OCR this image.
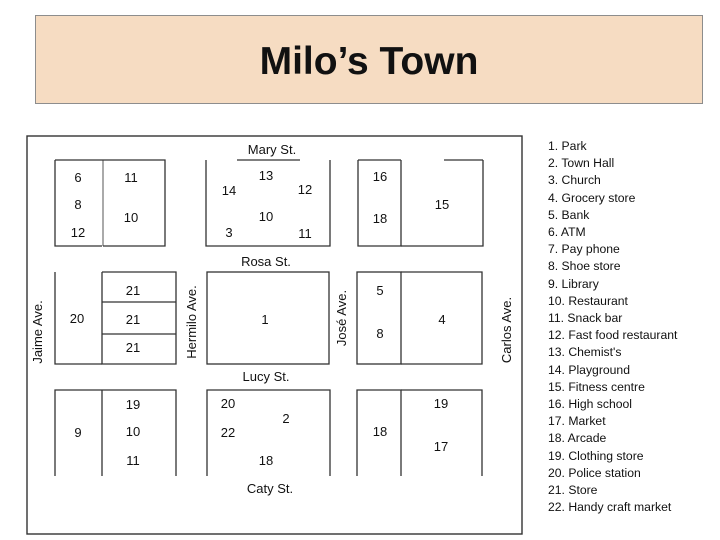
Milo’s Town
Mary St.
Rosa St.
Lucy St.
Caty St.
Jaime Ave.	Hermilo Ave.	José Ave.	Carlos Ave.
6
8
12
11
10
14
13
12
3
10
11
16
18
15
20
21
21
21
1
5
8
4
9
19
10
11
20
22
2
18
18
19
17
1. Park
2. Town Hall
3. Church
4. Grocery store
5. Bank
6. ATM
7. Pay phone
8. Shoe store
9. Library
10. Restaurant
11. Snack bar
12. Fast food restaurant
13. Chemist's
14. Playground
15. Fitness centre
16. High school
17. Market
18. Arcade
19. Clothing store
20. Police station
21. Store
22. Handy craft market
